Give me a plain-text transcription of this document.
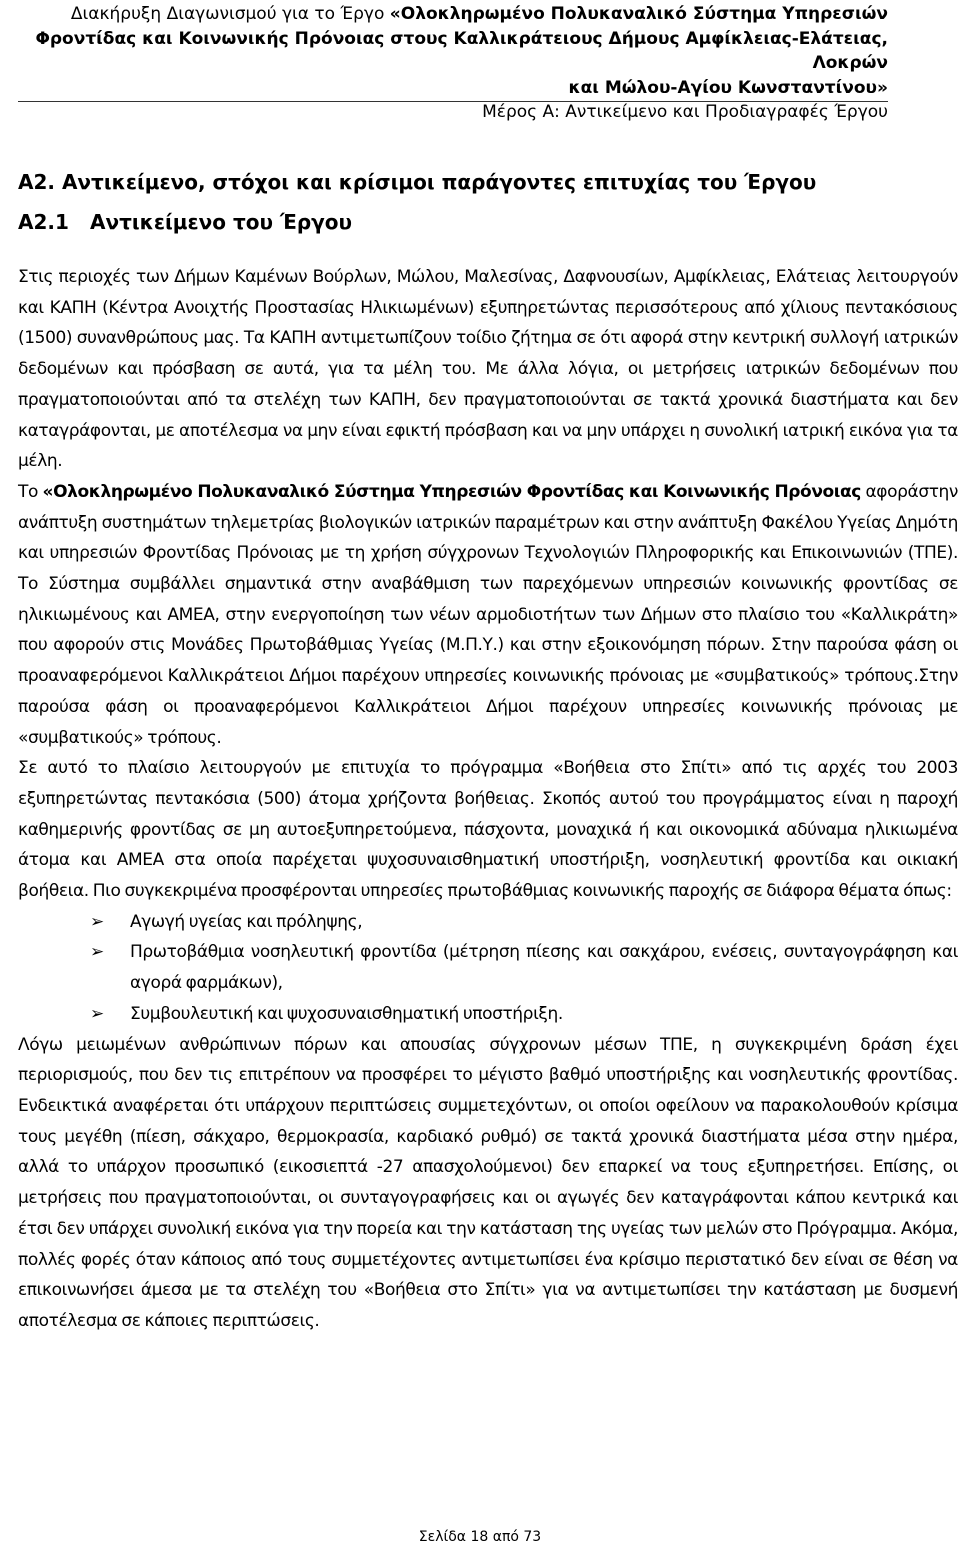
Διακήρυξη Διαγωνισμού για το Έργο «Ολοκληρωμένο Πολυκαναλικό Σύστημα Υπηρεσιών
Φροντίδας και Κοινωνικής Πρόνοιας στους Καλλικράτειους Δήμους Αμφίκλειας-Ελάτειας, Λοκρών
και Μώλου-Αγίου Κωνσταντίνου»
Μέρος Α: Αντικείμενο και Προδιαγραφές Έργου
Α2. Αντικείμενο, στόχοι και κρίσιμοι παράγοντες επιτυχίας του Έργου
Α2.1 Αντικείμενο του Έργου

Στις περιοχές των Δήμων Καμένων Βούρλων, Μώλου, Μαλεσίνας, Δαφνουσίων, Αμφίκλειας, Ελάτειας λειτουργούν και ΚΑΠΗ (Κέντρα Ανοιχτής Προστασίας Ηλικιωμένων) εξυπηρετώντας περισσότερους από χίλιους πεντακόσιους (1500) συνανθρώπους μας. Τα ΚΑΠΗ αντιμετωπίζουν τοίδιο ζήτημα σε ότι αφορά στην κεντρική συλλογή ιατρικών δεδομένων και πρόσβαση σε αυτά, για τα μέλη του. Με άλλα λόγια, οι μετρήσεις ιατρικών δεδομένων που πραγματοποιούνται από τα στελέχη των ΚΑΠΗ, δεν πραγματοποιούνται σε τακτά χρονικά διαστήματα και δεν καταγράφονται, με αποτέλεσμα να μην είναι εφικτή πρόσβαση και να μην υπάρχει η συνολική ιατρική εικόνα για τα μέλη.

Το «Ολοκληρωμένο Πολυκαναλικό Σύστημα Υπηρεσιών Φροντίδας και Κοινωνικής Πρόνοιας αφοράστην ανάπτυξη συστημάτων τηλεμετρίας βιολογικών ιατρικών παραμέτρων και στην ανάπτυξη Φακέλου Υγείας Δημότη και υπηρεσιών Φροντίδας Πρόνοιας με τη χρήση σύγχρονων Τεχνολογιών Πληροφορικής και Επικοινωνιών (ΤΠΕ). Το Σύστημα συμβάλλει σημαντικά στην αναβάθμιση των παρεχόμενων υπηρεσιών κοινωνικής φροντίδας σε ηλικιωμένους και ΑΜΕΑ, στην ενεργοποίηση των νέων αρμοδιοτήτων των Δήμων στο πλαίσιο του «Καλλικράτη» που αφορούν στις Μονάδες Πρωτοβάθμιας Υγείας (Μ.Π.Υ.) και στην εξοικονόμηση πόρων. Στην παρούσα φάση οι προαναφερόμενοι Καλλικράτειοι Δήμοι παρέχουν υπηρεσίες κοινωνικής πρόνοιας με «συμβατικούς» τρόπους.Στην παρούσα φάση οι προαναφερόμενοι Καλλικράτειοι Δήμοι παρέχουν υπηρεσίες κοινωνικής πρόνοιας με «συμβατικούς» τρόπους.

Σε αυτό το πλαίσιο λειτουργούν με επιτυχία το πρόγραμμα «Βοήθεια στο Σπίτι» από τις αρχές του 2003 εξυπηρετώντας πεντακόσια (500) άτομα χρήζοντα βοήθειας. Σκοπός αυτού του προγράμματος είναι η παροχή καθημερινής φροντίδας σε μη αυτοεξυπηρετούμενα, πάσχοντα, μοναχικά ή και οικονομικά αδύναμα ηλικιωμένα άτομα και ΑΜΕΑ στα οποία παρέχεται ψυχοσυναισθηματική υποστήριξη, νοσηλευτική φροντίδα και οικιακή βοήθεια. Πιο συγκεκριμένα προσφέρονται υπηρεσίες πρωτοβάθμιας κοινωνικής παροχής σε διάφορα θέματα όπως:

➢ Αγωγή υγείας και πρόληψης,
➢ Πρωτοβάθμια νοσηλευτική φροντίδα (μέτρηση πίεσης και σακχάρου, ενέσεις, συνταγογράφηση και αγορά φαρμάκων),
➢ Συμβουλευτική και ψυχοσυναισθηματική υποστήριξη.

Λόγω μειωμένων ανθρώπινων πόρων και απουσίας σύγχρονων μέσων ΤΠΕ, η συγκεκριμένη δράση έχει περιορισμούς, που δεν τις επιτρέπουν να προσφέρει το μέγιστο βαθμό υποστήριξης και νοσηλευτικής φροντίδας. Ενδεικτικά αναφέρεται ότι υπάρχουν περιπτώσεις συμμετεχόντων, οι οποίοι οφείλουν να παρακολουθούν κρίσιμα τους μεγέθη (πίεση, σάκχαρο, θερμοκρασία, καρδιακό ρυθμό) σε τακτά χρονικά διαστήματα μέσα στην ημέρα, αλλά το υπάρχον προσωπικό (εικοσιεπτά -27 απασχολούμενοι) δεν επαρκεί να τους εξυπηρετήσει. Επίσης, οι μετρήσεις που πραγματοποιούνται, οι συνταγογραφήσεις και οι αγωγές δεν καταγράφονται κάπου κεντρικά και έτσι δεν υπάρχει συνολική εικόνα για την πορεία και την κατάσταση της υγείας των μελών στο Πρόγραμμα. Ακόμα, πολλές φορές όταν κάποιος από τους συμμετέχοντες αντιμετωπίσει ένα κρίσιμο περιστατικό δεν είναι σε θέση να επικοινωνήσει άμεσα με τα στελέχη του «Βοήθεια στο Σπίτι» για να αντιμετωπίσει την κατάσταση με δυσμενή αποτέλεσμα σε κάποιες περιπτώσεις.

Σελίδα 18 από 73
